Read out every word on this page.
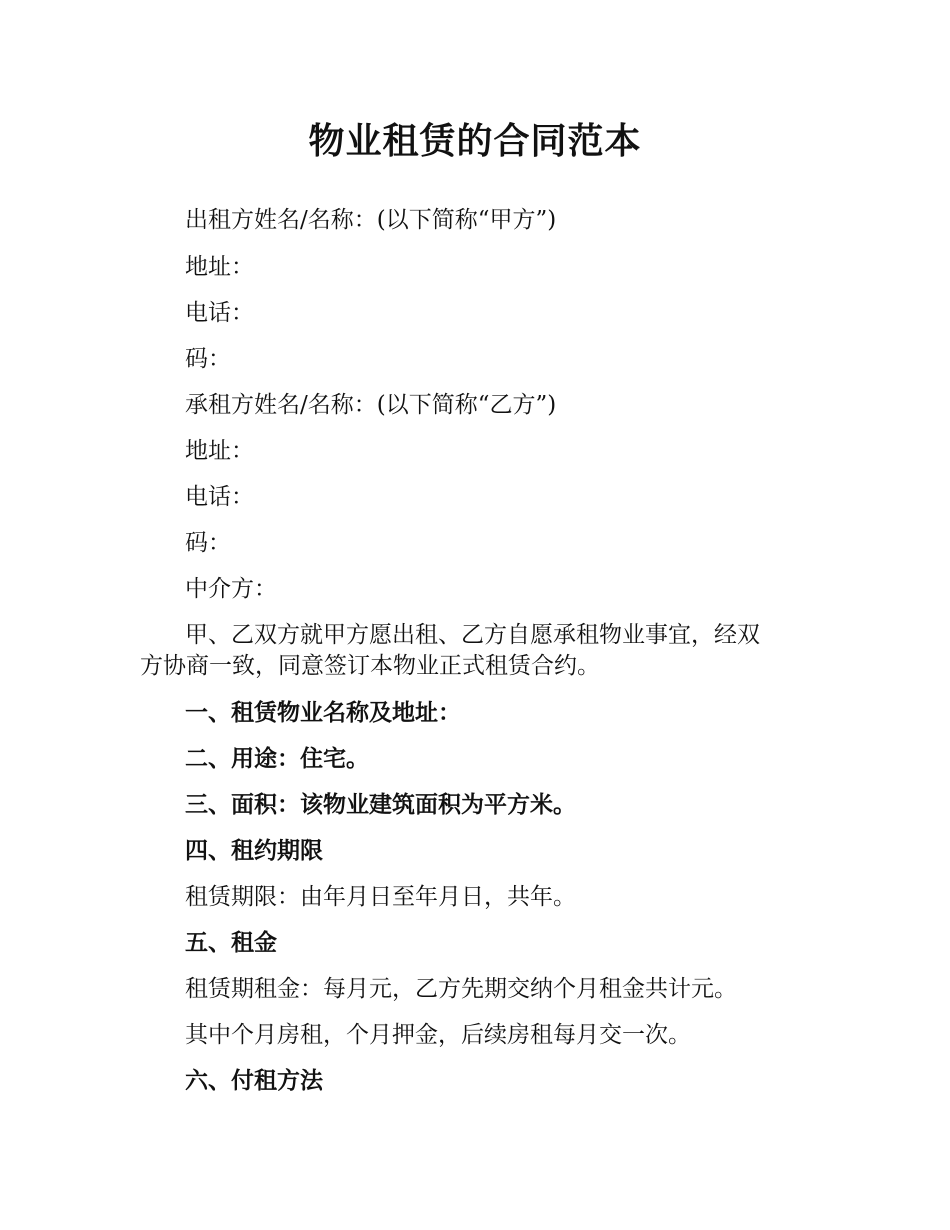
物业租赁的合同范本
出租方姓名/名称：(以下简称“甲方”)
地址：
电话：
码：
承租方姓名/名称：(以下简称“乙方”)
地址：
电话：
码：
中介方：
甲、乙双方就甲方愿出租、乙方自愿承租物业事宜，经双
方协商一致，同意签订本物业正式租赁合约。
一、租赁物业名称及地址：
二、用途：住宅。
三、面积：该物业建筑面积为平方米。
四、租约期限
租赁期限：由年月日至年月日，共年。
五、租金
租赁期租金：每月元，乙方先期交纳个月租金共计元。
其中个月房租，个月押金，后续房租每月交一次。
六、付租方法
